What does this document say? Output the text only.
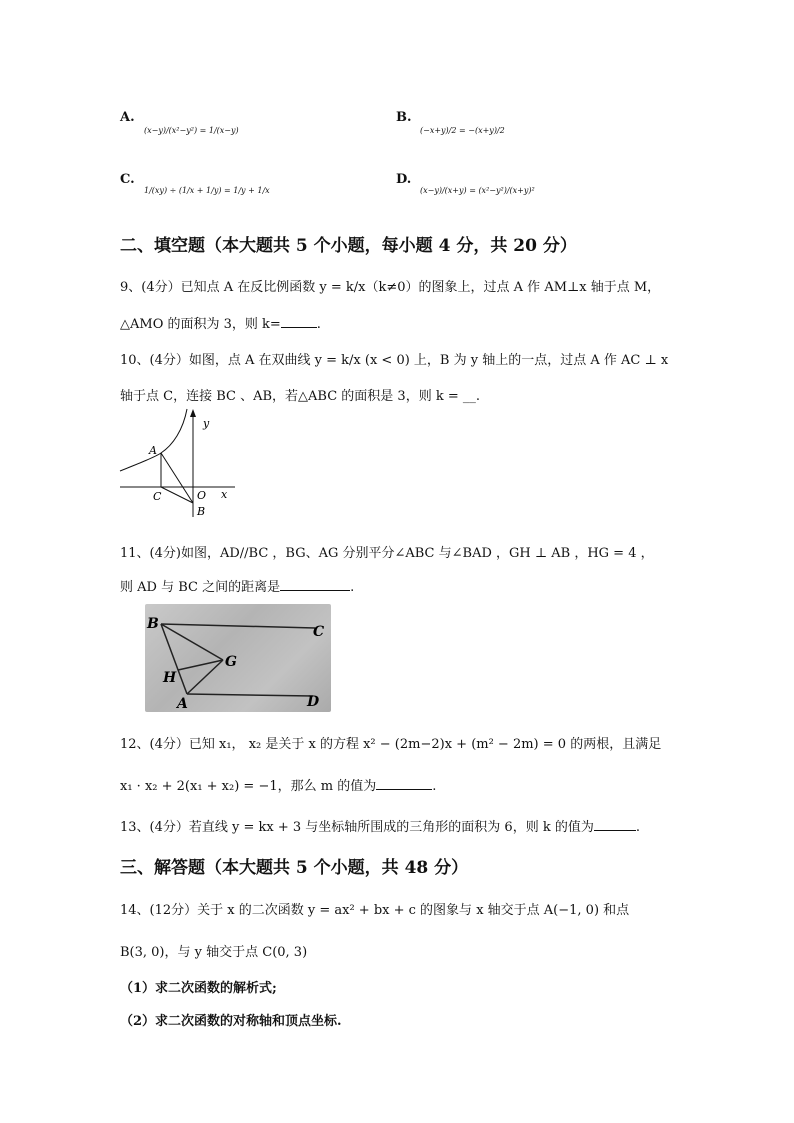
A.
(x−y)/(x²−y²) = 1/(x−y)
B.
(−x+y)/2 = −(x+y)/2
C.
1/(xy) ÷ (1/x + 1/y) = 1/y + 1/x
D.
(x−y)/(x+y) = (x²−y²)/(x+y)²
二、填空题（本大题共 5 个小题，每小题 4 分，共 20 分）
9、(4分）已知点 A 在反比例函数 y = k/x（k≠0）的图象上，过点 A 作 AM⊥x 轴于点 M，
△AMO 的面积为 3，则 k=	.
10、(4分）如图，点 A 在双曲线 y = k/x (x < 0) 上，B 为 y 轴上的一点，过点 A 作 AC ⊥ x
轴于点 C，连接 BC 、AB，若△ABC 的面积是 3，则 k = __.
y
A
C	O x
B
11、(4分)如图，AD//BC ，BG、AG 分别平分∠ABC 与∠BAD ，GH ⊥ AB ，HG = 4 ，
则 AD 与 BC 之间的距离是	.
B	C
G
H
A	D
12、(4分）已知 x₁， x₂ 是关于 x 的方程 x² − (2m−2)x + (m² − 2m) = 0 的两根，且满足
x₁ · x₂ + 2(x₁ + x₂) = −1，那么 m 的值为	.
13、(4分）若直线 y = kx + 3 与坐标轴所围成的三角形的面积为 6，则 k 的值为	.
三、解答题（本大题共 5 个小题，共 48 分）
14、(12分）关于 x 的二次函数 y = ax² + bx + c 的图象与 x 轴交于点 A(−1, 0) 和点
B(3, 0)，与 y 轴交于点 C(0, 3)
（1）求二次函数的解析式;
（2）求二次函数的对称轴和顶点坐标.
